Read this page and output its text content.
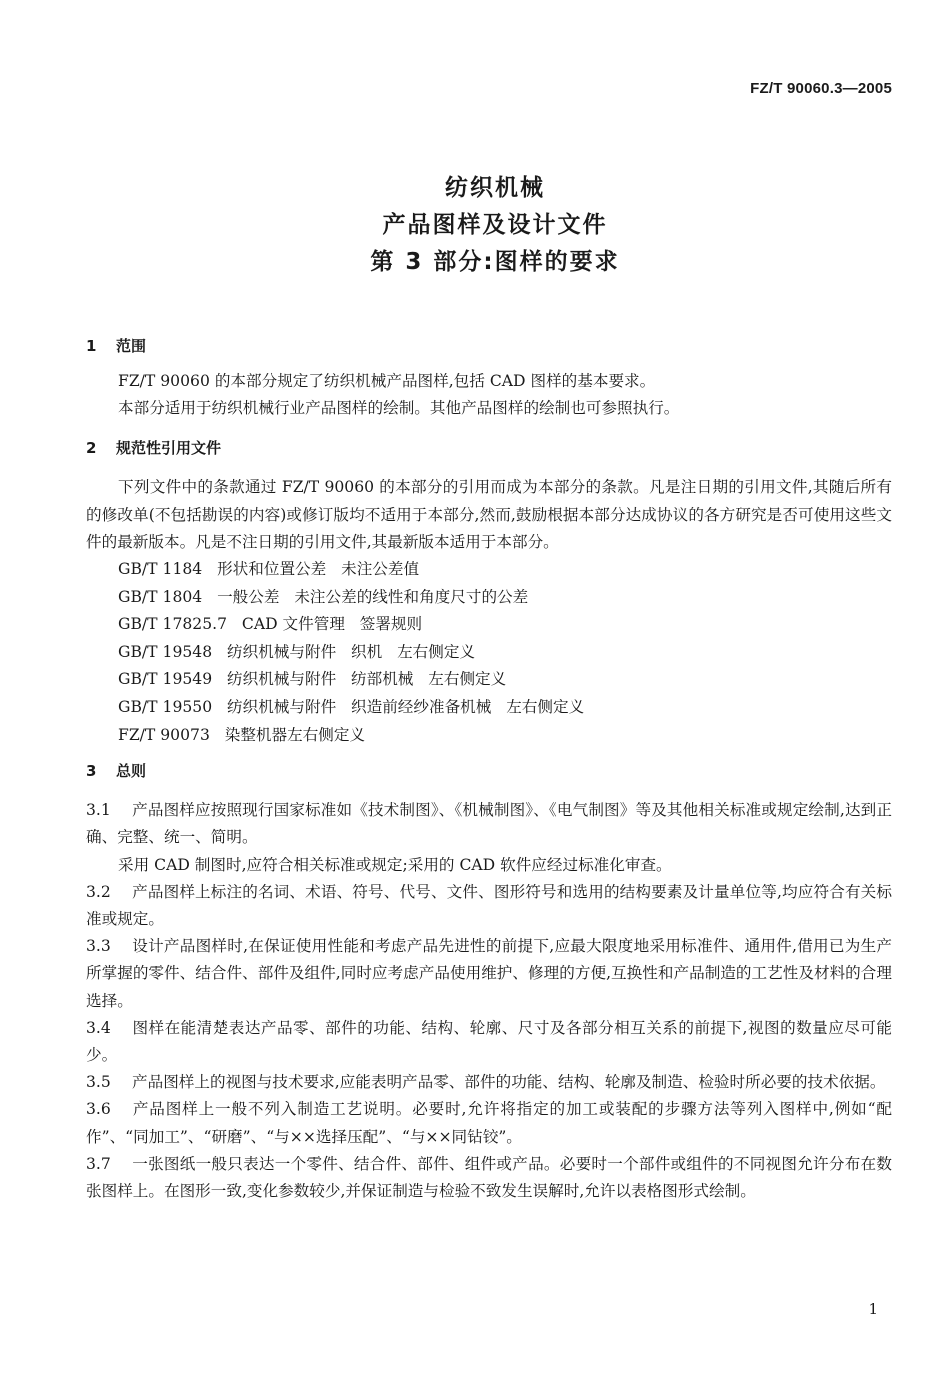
FZ/T 90060.3—2005
纺织机械
产品图样及设计文件
第 3 部分:图样的要求
1 范围

FZ/T 90060 的本部分规定了纺织机械产品图样,包括 CAD 图样的基本要求。

本部分适用于纺织机械行业产品图样的绘制。其他产品图样的绘制也可参照执行。

2 规范性引用文件

下列文件中的条款通过 FZ/T 90060 的本部分的引用而成为本部分的条款。凡是注日期的引用文件,其随后所有的修改单(不包括勘误的内容)或修订版均不适用于本部分,然而,鼓励根据本部分达成协议的各方研究是否可使用这些文件的最新版本。凡是不注日期的引用文件,其最新版本适用于本部分。

GB/T 1184   形状和位置公差   未注公差值
GB/T 1804   一般公差   未注公差的线性和角度尺寸的公差
GB/T 17825.7   CAD 文件管理   签署规则
GB/T 19548   纺织机械与附件   织机   左右侧定义
GB/T 19549   纺织机械与附件   纺部机械   左右侧定义
GB/T 19550   纺织机械与附件   织造前经纱准备机械   左右侧定义
FZ/T 90073   染整机器左右侧定义
3 总则

3.1 产品图样应按照现行国家标准如《技术制图》、《机械制图》、《电气制图》等及其他相关标准或规定绘制,达到正确、完整、统一、简明。

采用 CAD 制图时,应符合相关标准或规定;采用的 CAD 软件应经过标准化审查。

3.2 产品图样上标注的名词、术语、符号、代号、文件、图形符号和选用的结构要素及计量单位等,均应符合有关标准或规定。

3.3 设计产品图样时,在保证使用性能和考虑产品先进性的前提下,应最大限度地采用标准件、通用件,借用已为生产所掌握的零件、结合件、部件及组件,同时应考虑产品使用维护、修理的方便,互换性和产品制造的工艺性及材料的合理选择。

3.4 图样在能清楚表达产品零、部件的功能、结构、轮廓、尺寸及各部分相互关系的前提下,视图的数量应尽可能少。

3.5 产品图样上的视图与技术要求,应能表明产品零、部件的功能、结构、轮廓及制造、检验时所必要的技术依据。

3.6 产品图样上一般不列入制造工艺说明。必要时,允许将指定的加工或装配的步骤方法等列入图样中,例如“配作”、“同加工”、“研磨”、“与××选择压配”、“与××同钻铰”。

3.7 一张图纸一般只表达一个零件、结合件、部件、组件或产品。必要时一个部件或组件的不同视图允许分布在数张图样上。在图形一致,变化参数较少,并保证制造与检验不致发生误解时,允许以表格图形式绘制。

1
